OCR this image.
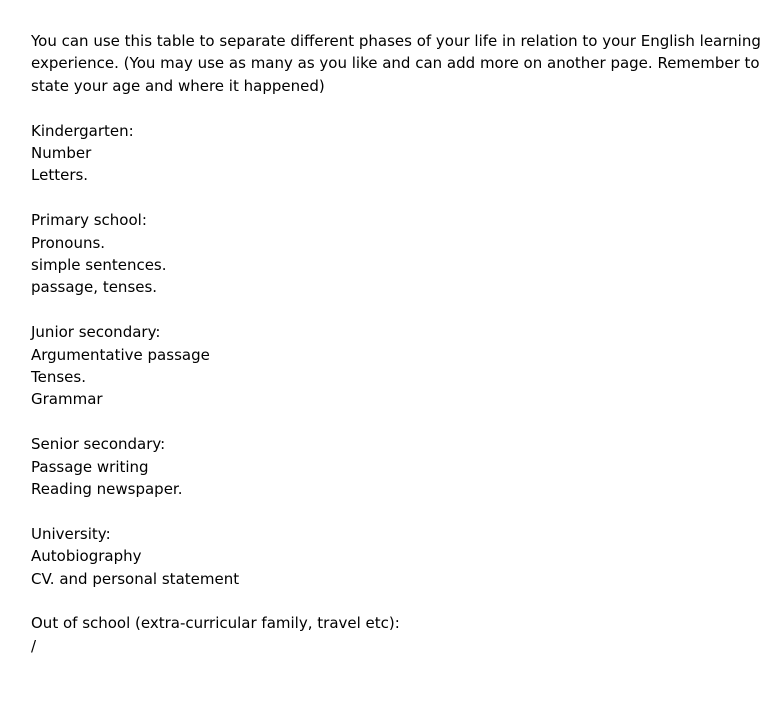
You can use this table to separate different phases of your life in relation to your English learning
experience. (You may use as many as you like and can add more on another page. Remember to
state your age and where it happened)
Kindergarten:
Number
Letters.
Primary school:
Pronouns.
simple sentences.
passage, tenses.
Junior secondary:
Argumentative passage
Tenses.
Grammar
Senior secondary:
Passage writing
Reading newspaper.
University:
Autobiography
CV. and personal statement
Out of school (extra-curricular family, travel etc):
/
